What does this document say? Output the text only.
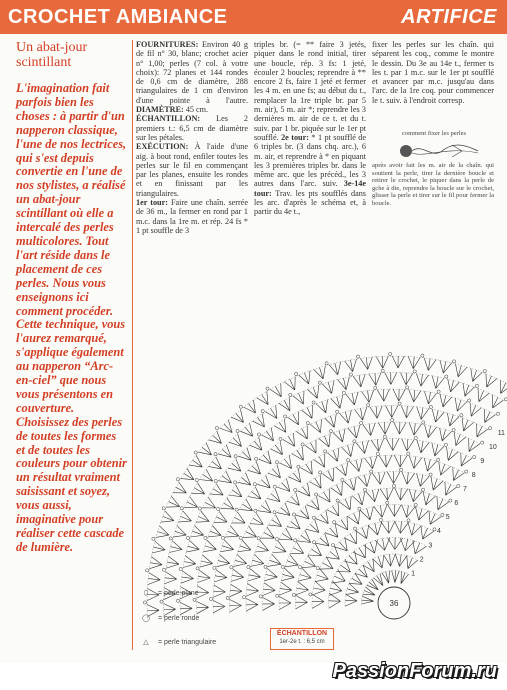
CROCHET AMBIANCE	ARTIFICE
Un abat-jour scintillant
L'imagination fait parfois bien les choses : à partir d'un napperon classique, l'une de nos lectrices, qui s'est depuis convertie en l'une de nos stylistes, a réalisé un abat-jour scintillant où elle a intercalé des perles multicolores. Tout l'art réside dans le placement de ces perles. Nous vous enseignons ici comment procéder. Cette technique, vous l'aurez remarqué, s'applique également au napperon “Arc-en-ciel” que nous vous présentons en couverture. Choisissez des perles de toutes les formes et de toutes les couleurs pour obtenir un résultat vraiment saisissant et soyez, vous aussi, imaginative pour réaliser cette cascade de lumière.
FOURNITURES: Environ 40 g de fil n° 30, blanc; crochet acier n° 1,00; perles (7 col. à votre choix): 72 planes et 144 rondes de 0,6 cm de diamètre, 288 triangulaires de 1 cm d'environ d'une pointe à l'autre. DIAMÈTRE: 45 cm.
ÉCHANTILLON: Les 2 premiers t.: 6,5 cm de diamètre sur les pétales.
EXÉCUTION: À l'aide d'une aig. à bout rond, enfiler toutes les perles sur le fil en commençant par les planes, ensuite les rondes et en finissant par les triangulaires.
1er tour: Faire une chaîn. serrée de 36 m., la fermer en rond par 1 m.c. dans la 1re m. et rép. 24 fs * 1 pt souffle de 3
triples br. (= ** faire 3 jetés, piquer dans le rond initial, tirer une boucle, rép. 3 fs: 1 jeté, écouler 2 boucles; reprendre à ** encore 2 fs, faire 1 jeté et fermer les 4 m. en une fs; au début du t., remplacer la 1re triple br. par 5 m. air), 5 m. air *; reprendre les 3 dernières m. air de ce t. et du t. suiv. par 1 br. piquée sur le 1er pt soufflé. 2e tour: * 1 pt soufflé de 6 triples br. (3 dans chq. arc.), 6 m. air, et reprendre à * en piquant les 3 premières triples br. dans le même arc. que les précéd., les 3 autres dans l'arc. suiv. 3e-14e tour: Trav. les pts soufflés dans les arc. d'après le schéma et, à partir du 4e t.,
fixer les perles sur les chaîn. qui séparent les coq., comme le montre le dessin. Du 3e au 14e t., fermer ts les t. par 1 m.c. sur le 1er pt soufflé et avancer par m.c. jusqu'au dans l'arc. de la 1re coq. pour commencer le t. suiv. à l'endroit corresp.
comment fixer les perles
après avoir fait les m. air de la chaîn. qui soutient la perle, tirer la dernière boucle et retirer le crochet, le piquer dans la perle de gche à dte, reprendre la boucle sur le crochet, glisser la perle et tirer sur le fil pour fermer la boucle.
36
1
2
3
4
5
6
7
8
9
10
11
⬯ = perle plane
◯ = perle ronde
△ = perle triangulaire
ÉCHANTILLON
1er-2e t. : 6,5 cm
PassionForum.ru
